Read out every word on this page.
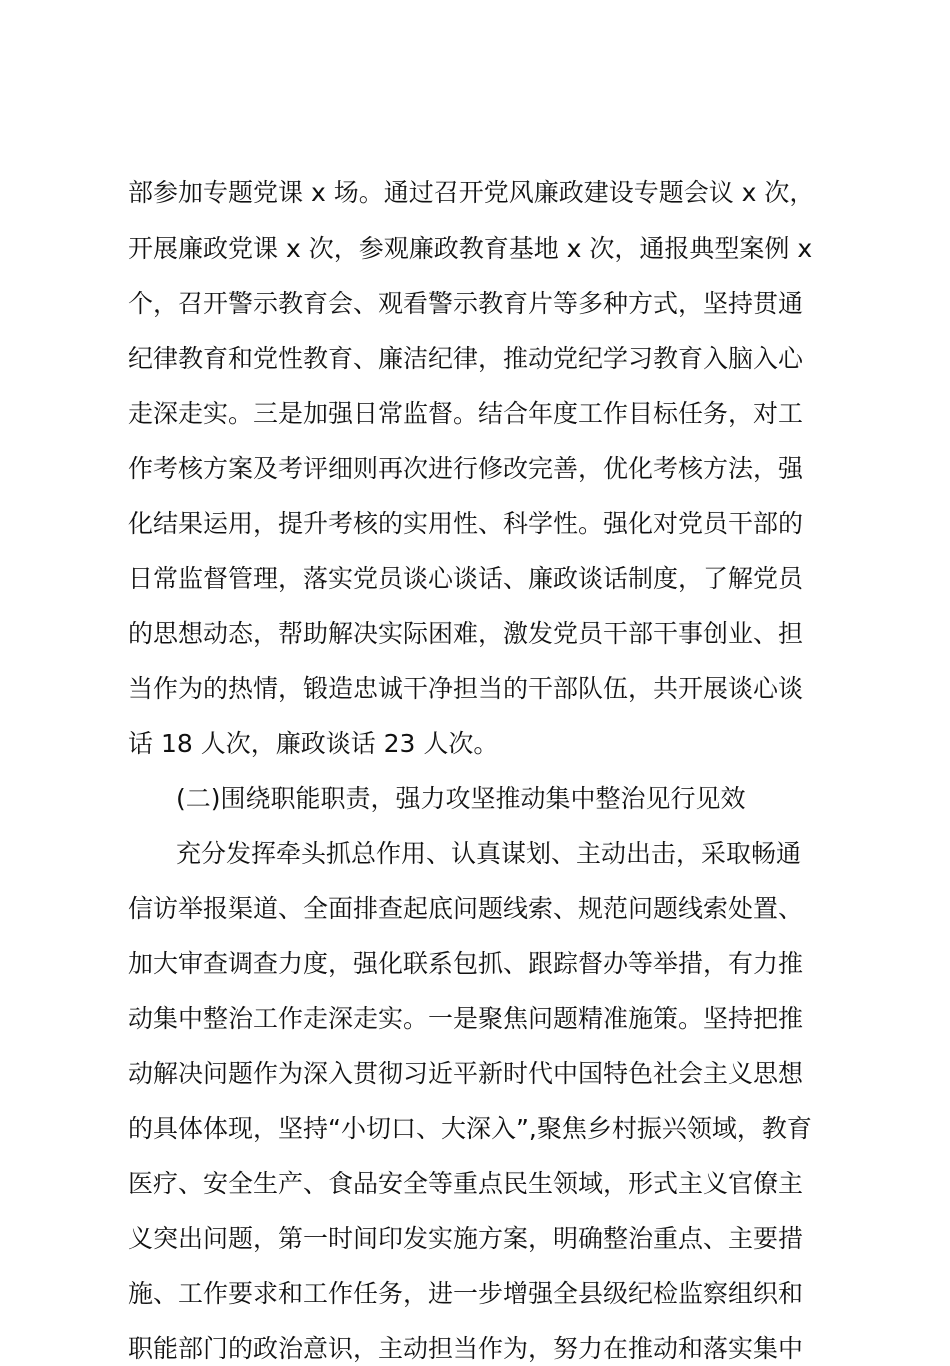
部参加专题党课 x 场。通过召开党风廉政建设专题会议 x 次，
开展廉政党课 x 次，参观廉政教育基地 x 次，通报典型案例 x
个，召开警示教育会、观看警示教育片等多种方式，坚持贯通
纪律教育和党性教育、廉洁纪律，推动党纪学习教育入脑入心
走深走实。三是加强日常监督。结合年度工作目标任务，对工
作考核方案及考评细则再次进行修改完善，优化考核方法，强
化结果运用，提升考核的实用性、科学性。强化对党员干部的
日常监督管理，落实党员谈心谈话、廉政谈话制度，了解党员
的思想动态，帮助解决实际困难，激发党员干部干事创业、担
当作为的热情，锻造忠诚干净担当的干部队伍，共开展谈心谈
话 18 人次，廉政谈话 23 人次。
(二)围绕职能职责，强力攻坚推动集中整治见行见效
充分发挥牵头抓总作用、认真谋划、主动出击，采取畅通
信访举报渠道、全面排查起底问题线索、规范问题线索处置、
加大审查调查力度，强化联系包抓、跟踪督办等举措，有力推
动集中整治工作走深走实。一是聚焦问题精准施策。坚持把推
动解决问题作为深入贯彻习近平新时代中国特色社会主义思想
的具体体现，坚持“小切口、大深入”,聚焦乡村振兴领域，教育
医疗、安全生产、食品安全等重点民生领域，形式主义官僚主
义突出问题，第一时间印发实施方案，明确整治重点、主要措
施、工作要求和工作任务，进一步增强全县级纪检监察组织和
职能部门的政治意识，主动担当作为，努力在推动和落实集中
